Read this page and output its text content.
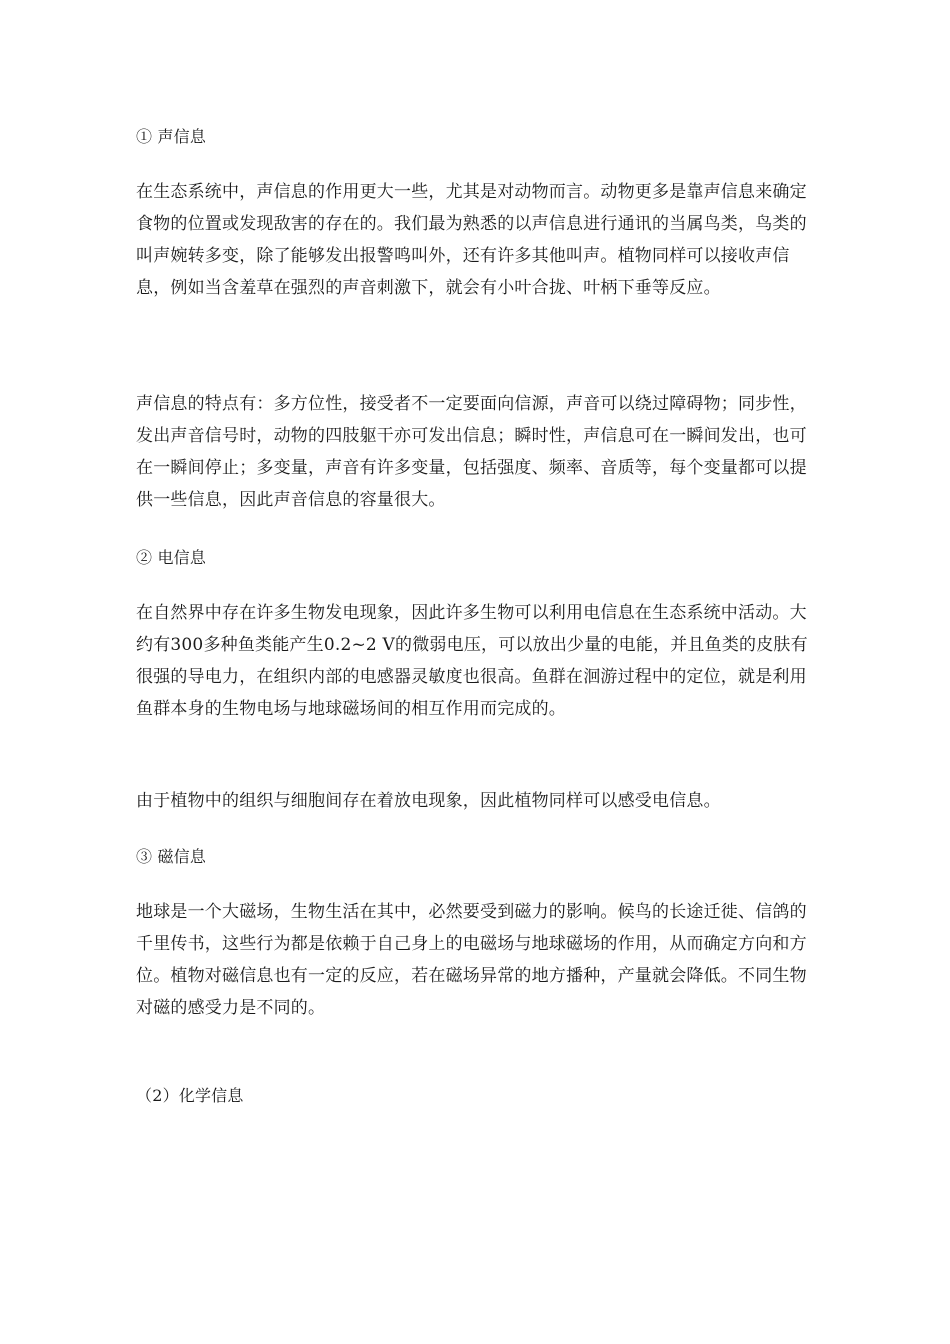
① 声信息

在生态系统中，声信息的作用更大一些，尤其是对动物而言。动物更多是靠声信息来确定食物的位置或发现敌害的存在的。我们最为熟悉的以声信息进行通讯的当属鸟类，鸟类的叫声婉转多变，除了能够发出报警鸣叫外，还有许多其他叫声。植物同样可以接收声信息，例如当含羞草在强烈的声音刺激下，就会有小叶合拢、叶柄下垂等反应。

声信息的特点有：多方位性，接受者不一定要面向信源，声音可以绕过障碍物；同步性，发出声音信号时，动物的四肢躯干亦可发出信息；瞬时性，声信息可在一瞬间发出，也可在一瞬间停止；多变量，声音有许多变量，包括强度、频率、音质等，每个变量都可以提供一些信息，因此声音信息的容量很大。

② 电信息

在自然界中存在许多生物发电现象，因此许多生物可以利用电信息在生态系统中活动。大约有300多种鱼类能产生0.2~2 V的微弱电压，可以放出少量的电能，并且鱼类的皮肤有很强的导电力，在组织内部的电感器灵敏度也很高。鱼群在洄游过程中的定位，就是利用鱼群本身的生物电场与地球磁场间的相互作用而完成的。

由于植物中的组织与细胞间存在着放电现象，因此植物同样可以感受电信息。

③ 磁信息

地球是一个大磁场，生物生活在其中，必然要受到磁力的影响。候鸟的长途迁徙、信鸽的千里传书，这些行为都是依赖于自己身上的电磁场与地球磁场的作用，从而确定方向和方位。植物对磁信息也有一定的反应，若在磁场异常的地方播种，产量就会降低。不同生物对磁的感受力是不同的。

（2）化学信息
